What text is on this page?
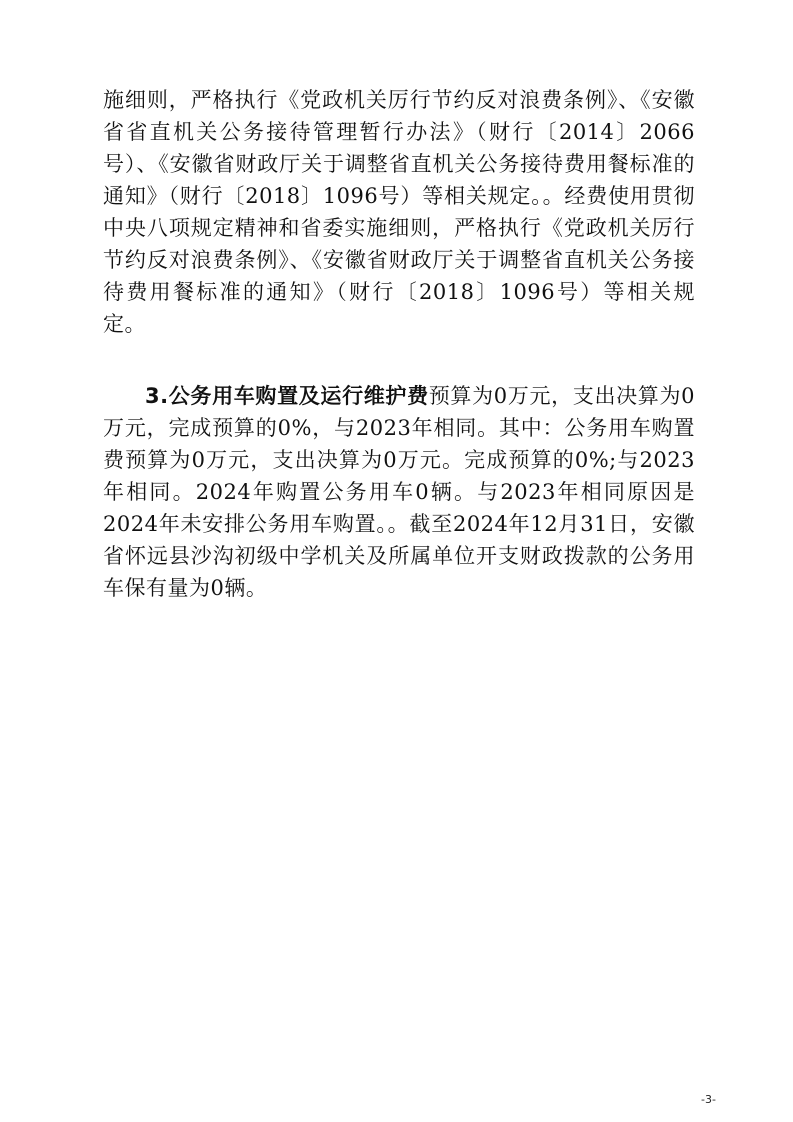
施细则，严格执行《党政机关厉行节约反对浪费条例》、《安徽省省直机关公务接待管理暂行办法》（财行〔2014〕2066号）、《安徽省财政厅关于调整省直机关公务接待费用餐标准的通知》（财行〔2018〕1096号）等相关规定。。经费使用贯彻中央八项规定精神和省委实施细则，严格执行《党政机关厉行节约反对浪费条例》、《安徽省财政厅关于调整省直机关公务接待费用餐标准的通知》（财行〔2018〕1096号）等相关规定。

3.公务用车购置及运行维护费预算为0万元，支出决算为0万元，完成预算的0%，与2023年相同。其中：公务用车购置费预算为0万元，支出决算为0万元。完成预算的0%;与2023年相同。2024年购置公务用车0辆。与2023年相同原因是2024年未安排公务用车购置。。截至2024年12月31日，安徽省怀远县沙沟初级中学机关及所属单位开支财政拨款的公务用车保有量为0辆。

-3-
